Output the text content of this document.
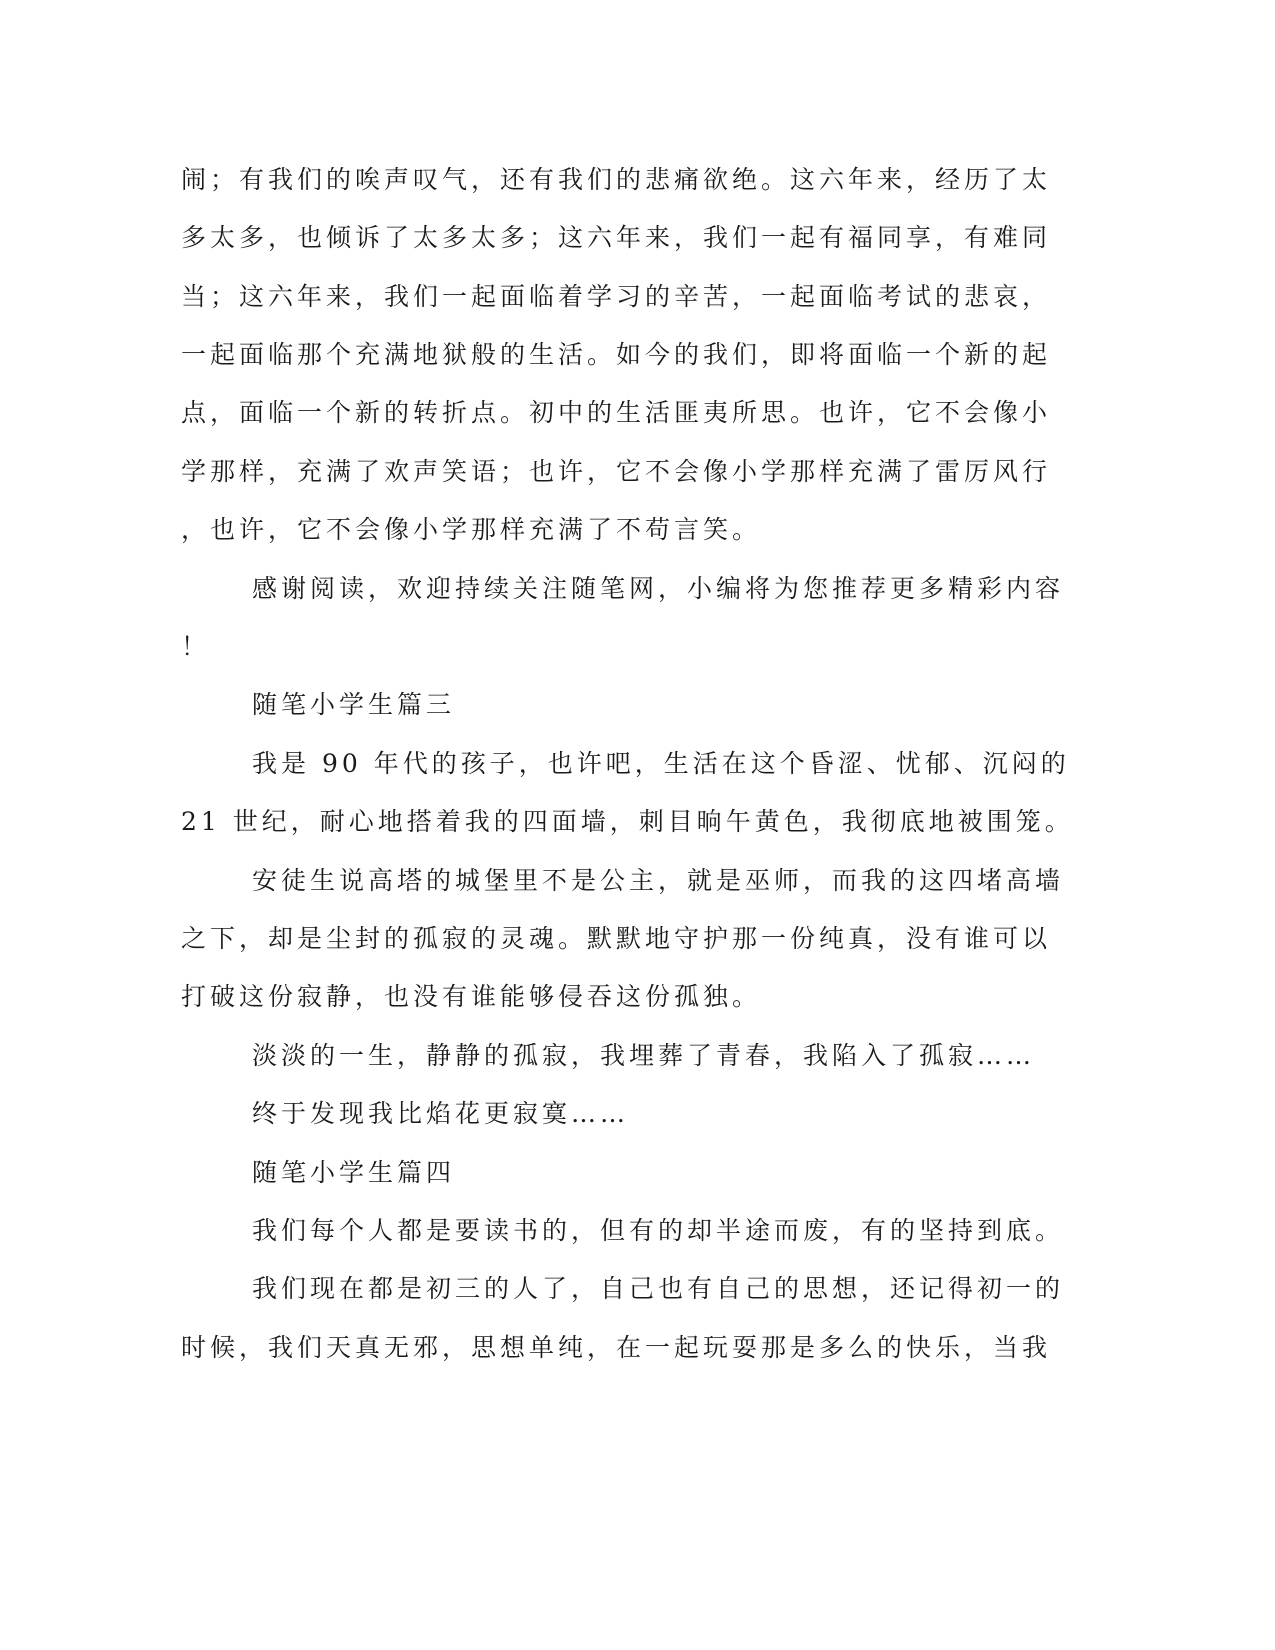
闹；有我们的唉声叹气，还有我们的悲痛欲绝。这六年来，经历了太
多太多，也倾诉了太多太多；这六年来，我们一起有福同享，有难同
当；这六年来，我们一起面临着学习的辛苦，一起面临考试的悲哀，
一起面临那个充满地狱般的生活。如今的我们，即将面临一个新的起
点，面临一个新的转折点。初中的生活匪夷所思。也许，它不会像小
学那样，充满了欢声笑语；也许，它不会像小学那样充满了雷厉风行
，也许，它不会像小学那样充满了不苟言笑。
感谢阅读，欢迎持续关注随笔网，小编将为您推荐更多精彩内容
！
随笔小学生篇三
我是 90 年代的孩子，也许吧，生活在这个昏涩、忧郁、沉闷的
21 世纪，耐心地搭着我的四面墙，刺目晌午黄色，我彻底地被围笼。
安徒生说高塔的城堡里不是公主，就是巫师，而我的这四堵高墙
之下，却是尘封的孤寂的灵魂。默默地守护那一份纯真，没有谁可以
打破这份寂静，也没有谁能够侵吞这份孤独。
淡淡的一生，静静的孤寂，我埋葬了青春，我陷入了孤寂……
终于发现我比焰花更寂寞……
随笔小学生篇四
我们每个人都是要读书的，但有的却半途而废，有的坚持到底。
我们现在都是初三的人了，自己也有自己的思想，还记得初一的
时候，我们天真无邪，思想单纯，在一起玩耍那是多么的快乐，当我
